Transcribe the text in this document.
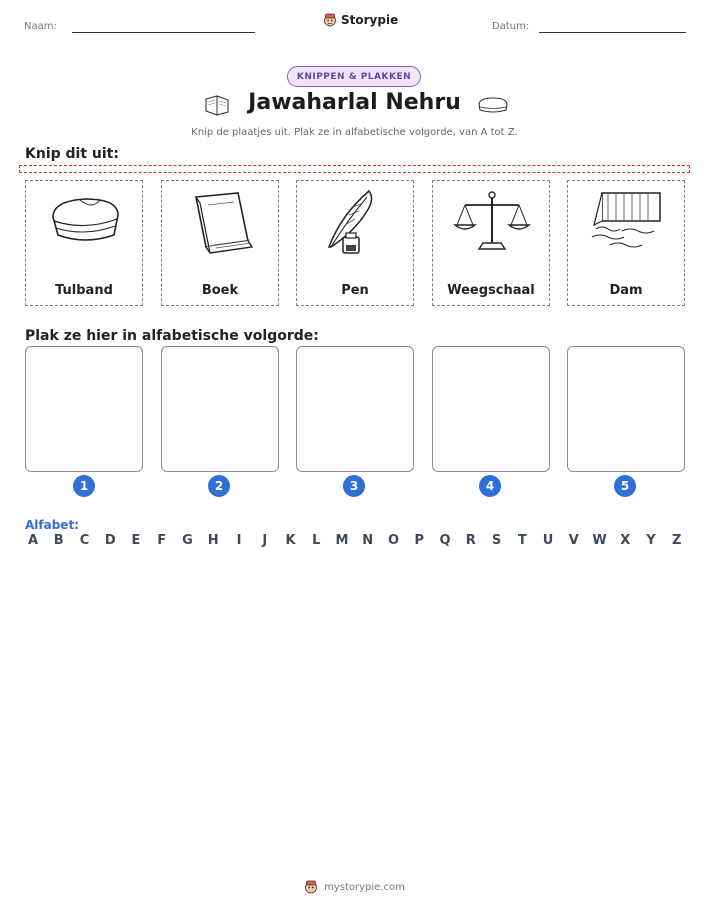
Naam:	Storypie	Datum:
KNIPPEN & PLAKKEN
Jawaharlal Nehru
Knip de plaatjes uit. Plak ze in alfabetische volgorde, van A tot Z.
Knip dit uit:
Tulband	Boek	Pen	Weegschaal	Dam
Plak ze hier in alfabetische volgorde:
1	2	3	4	5
Alfabet:
A B C D E F G H	I	J	K L M N O P Q R S T U V W X Y Z
mystorypie.com
